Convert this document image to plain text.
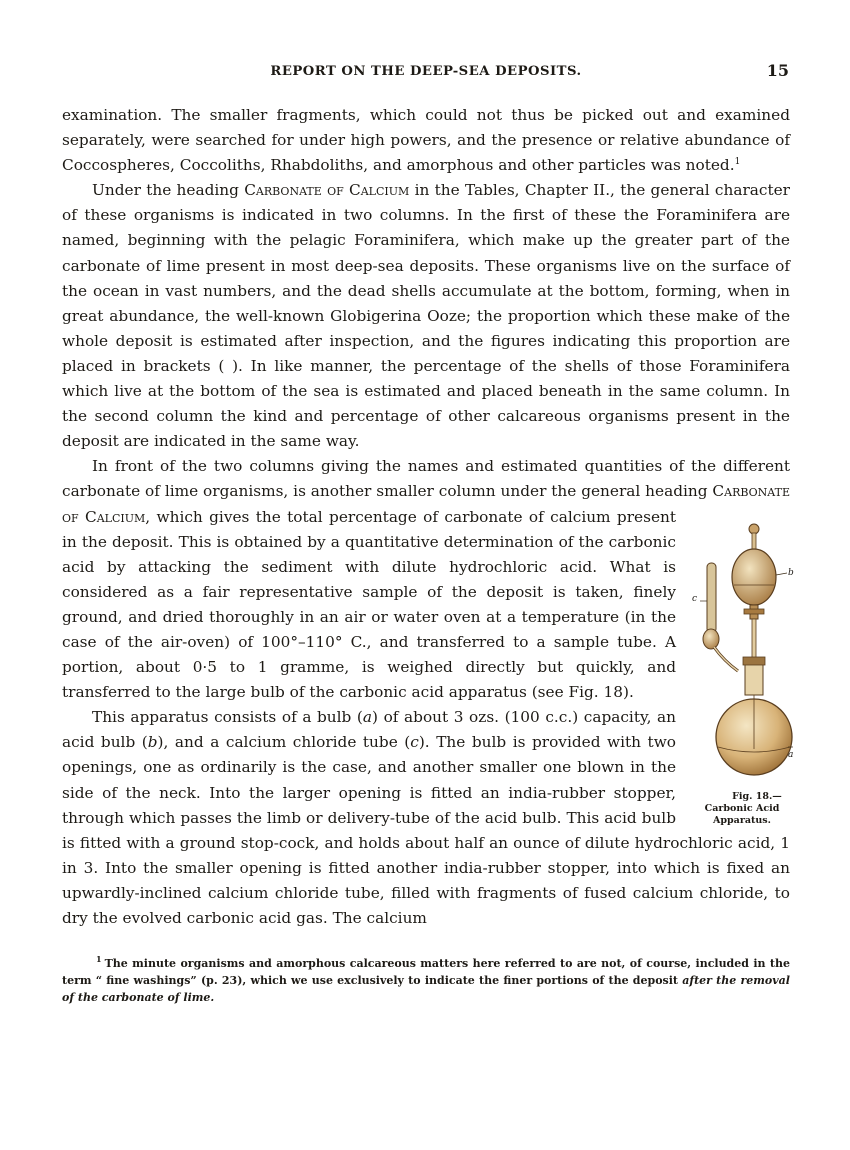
REPORT ON THE DEEP-SEA DEPOSITS.	15

examination. The smaller fragments, which could not thus be picked out and examined separately, were searched for under high powers, and the presence or relative abundance of Coccospheres, Coccoliths, Rhabdoliths, and amorphous and other particles was noted.$^1$

Under the heading Carbonate of Calcium in the Tables, Chapter II., the general character of these organisms is indicated in two columns. In the first of these the Foraminifera are named, beginning with the pelagic Foraminifera, which make up the greater part of the carbonate of lime present in most deep-sea deposits. These organisms live on the surface of the ocean in vast numbers, and the dead shells accumulate at the bottom, forming, when in great abundance, the well-known Globigerina Ooze; the proportion which these make of the whole deposit is estimated after inspection, and the figures indicating this proportion are placed in brackets ( ). In like manner, the percentage of the shells of those Foraminifera which live at the bottom of the sea is estimated and placed beneath in the same column. In the second column the kind and percentage of other calcareous organisms present in the deposit are indicated in the same way.

In front of the two columns giving the names and estimated quantities of the different carbonate of lime organisms, is another smaller column under the general heading
b
c
a
Fig. 18.—Carbonic Acid Apparatus.
Carbonate of Calcium, which gives the total percentage of carbonate of calcium present in the deposit. This is obtained by a quantitative determination of the carbonic acid by attacking the sediment with dilute hydrochloric acid. What is considered as a fair representative sample of the deposit is taken, finely ground, and dried thoroughly in an air or water oven at a temperature (in the case of the air-oven) of 100°–110° C., and transferred to a sample tube. A portion, about 0·5 to 1 gramme, is weighed directly but quickly, and transferred to the large bulb of the carbonic acid apparatus (see Fig. 18).

This apparatus consists of a bulb (a) of about 3 ozs. (100 c.c.) capacity, an acid bulb (b), and a calcium chloride tube (c). The bulb is provided with two openings, one as ordinarily is the case, and another smaller one blown in the side of the neck. Into the larger opening is fitted an india-rubber stopper, through which passes the limb or delivery-tube of the acid bulb. This acid bulb is fitted with a ground stop-cock, and holds about half an ounce of dilute hydrochloric acid, 1 in 3. Into the smaller opening is fitted another india-rubber stopper, into which is fixed an upwardly-inclined calcium chloride tube, filled with fragments of fused calcium chloride, to dry the evolved carbonic acid gas. The calcium

$^1$ The minute organisms and amorphous calcareous matters here referred to are not, of course, included in the term “ fine washings” (p. 23), which we use exclusively to indicate the finer portions of the deposit after the removal of the carbonate of lime.
